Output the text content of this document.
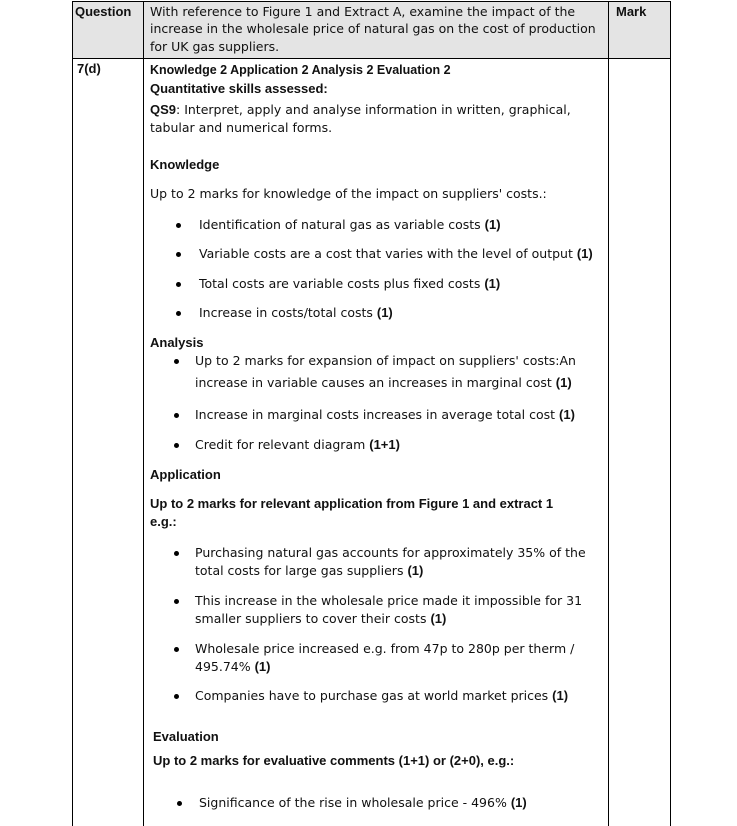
Question With reference to Figure 1 and Extract A, examine the impact of the
increase in the wholesale price of natural gas on the cost of production
for UK gas suppliers.
Mark
7(d)	Knowledge 2 Application 2 Analysis 2 Evaluation 2
Quantitative skills assessed:
QS9: Interpret, apply and analyse information in written, graphical,
tabular and numerical forms.
Knowledge
Up to 2 marks for knowledge of the impact on suppliers' costs.:
Identification of natural gas as variable costs (1)
Variable costs are a cost that varies with the level of output (1)
Total costs are variable costs plus fixed costs (1)
Increase in costs/total costs (1)
Analysis
Up to 2 marks for expansion of impact on suppliers' costs:An
increase in variable causes an increases in marginal cost (1)
Increase in marginal costs increases in average total cost (1)
Credit for relevant diagram (1+1)
Application
Up to 2 marks for relevant application from Figure 1 and extract 1
e.g.:
Purchasing natural gas accounts for approximately 35% of the
total costs for large gas suppliers (1)
This increase in the wholesale price made it impossible for 31
smaller suppliers to cover their costs (1)
Wholesale price increased e.g. from 47p to 280p per therm /
495.74% (1)
Companies have to purchase gas at world market prices (1)
Evaluation
Up to 2 marks for evaluative comments (1+1) or (2+0), e.g.:
Significance of the rise in wholesale price - 496% (1)
